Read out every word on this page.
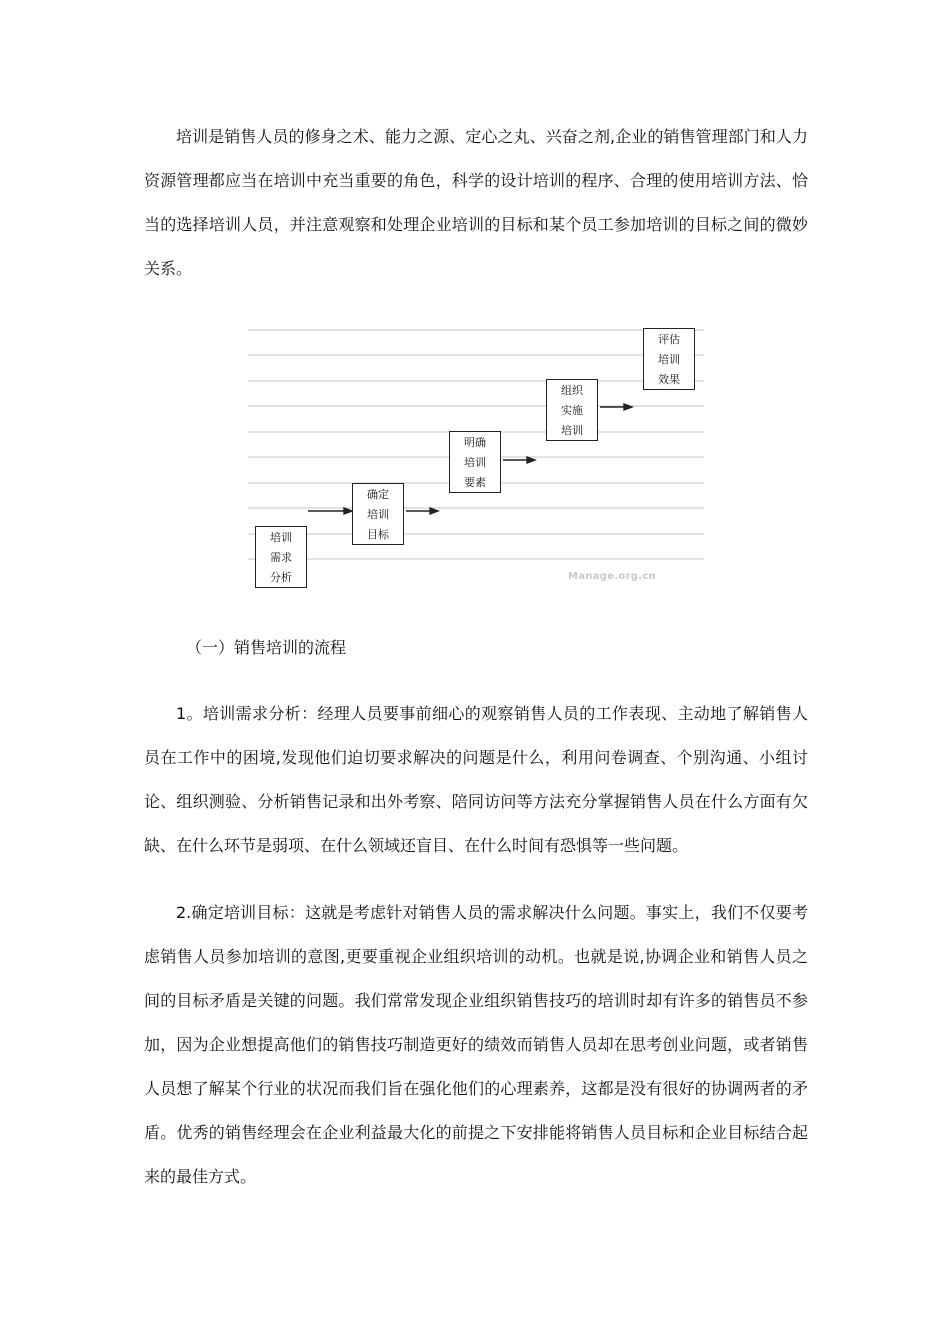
培训是销售人员的修身之术、能力之源、定心之丸、兴奋之剂,企业的销售管理部门和人力资源管理都应当在培训中充当重要的角色，科学的设计培训的程序、合理的使用培训方法、恰当的选择培训人员，并注意观察和处理企业培训的目标和某个员工参加培训的目标之间的微妙关系。

培训
需求
分析
确定
培训
目标
明确
培训
要素
组织
实施
培训
评估
培训
效果
Manage.org.cn

（一）销售培训的流程

1。培训需求分析：经理人员要事前细心的观察销售人员的工作表现、主动地了解销售人员在工作中的困境,发现他们迫切要求解决的问题是什么，利用问卷调查、个别沟通、小组讨论、组织测验、分析销售记录和出外考察、陪同访问等方法充分掌握销售人员在什么方面有欠缺、在什么环节是弱项、在什么领域还盲目、在什么时间有恐惧等一些问题。

2.确定培训目标：这就是考虑针对销售人员的需求解决什么问题。事实上，我们不仅要考虑销售人员参加培训的意图,更要重视企业组织培训的动机。也就是说,协调企业和销售人员之间的目标矛盾是关键的问题。我们常常发现企业组织销售技巧的培训时却有许多的销售员不参加，因为企业想提高他们的销售技巧制造更好的绩效而销售人员却在思考创业问题，或者销售人员想了解某个行业的状况而我们旨在强化他们的心理素养，这都是没有很好的协调两者的矛盾。优秀的销售经理会在企业利益最大化的前提之下安排能将销售人员目标和企业目标结合起来的最佳方式。
